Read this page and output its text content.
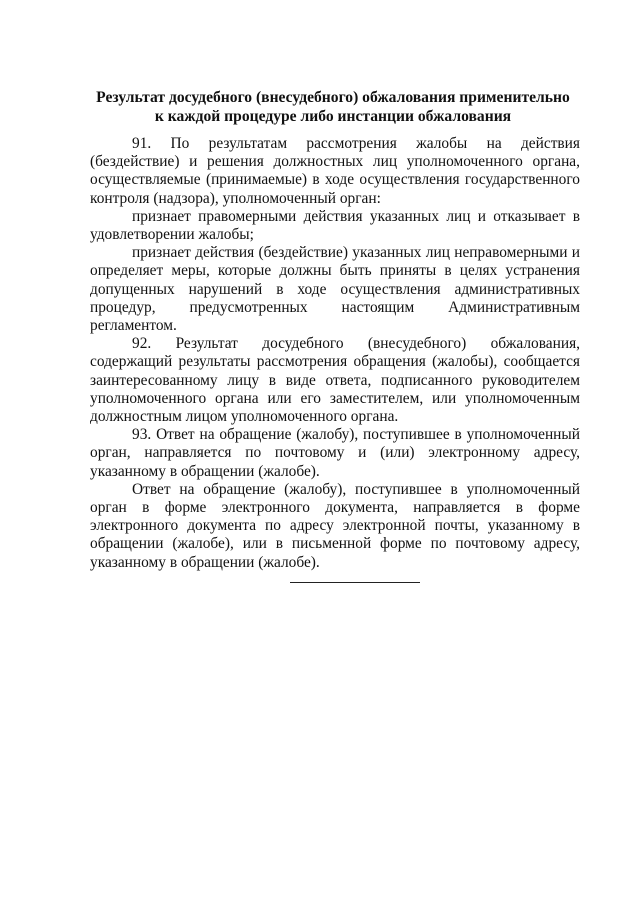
Результат досудебного (внесудебного) обжалования применительно к каждой процедуре либо инстанции обжалования

91. По результатам рассмотрения жалобы на действия (бездействие) и решения должностных лиц уполномоченного органа, осуществляемые (принимаемые) в ходе осуществления государственного контроля (надзора), уполномоченный орган:

признает правомерными действия указанных лиц и отказывает в удовлетворении жалобы;

признает действия (бездействие) указанных лиц неправомерными и определяет меры, которые должны быть приняты в целях устранения допущенных нарушений в ходе осуществления административных процедур, предусмотренных настоящим Административным регламентом.

92. Результат досудебного (внесудебного) обжалования, содержащий результаты рассмотрения обращения (жалобы), сообщается заинтересованному лицу в виде ответа, подписанного руководителем уполномоченного органа или его заместителем, или уполномоченным должностным лицом уполномоченного органа.

93. Ответ на обращение (жалобу), поступившее в уполномоченный орган, направляется по почтовому и (или) электронному адресу, указанному в обращении (жалобе).

Ответ на обращение (жалобу), поступившее в уполномоченный орган в форме электронного документа, направляется в форме электронного документа по адресу электронной почты, указанному в обращении (жалобе), или в письменной форме по почтовому адресу, указанному в обращении (жалобе).
